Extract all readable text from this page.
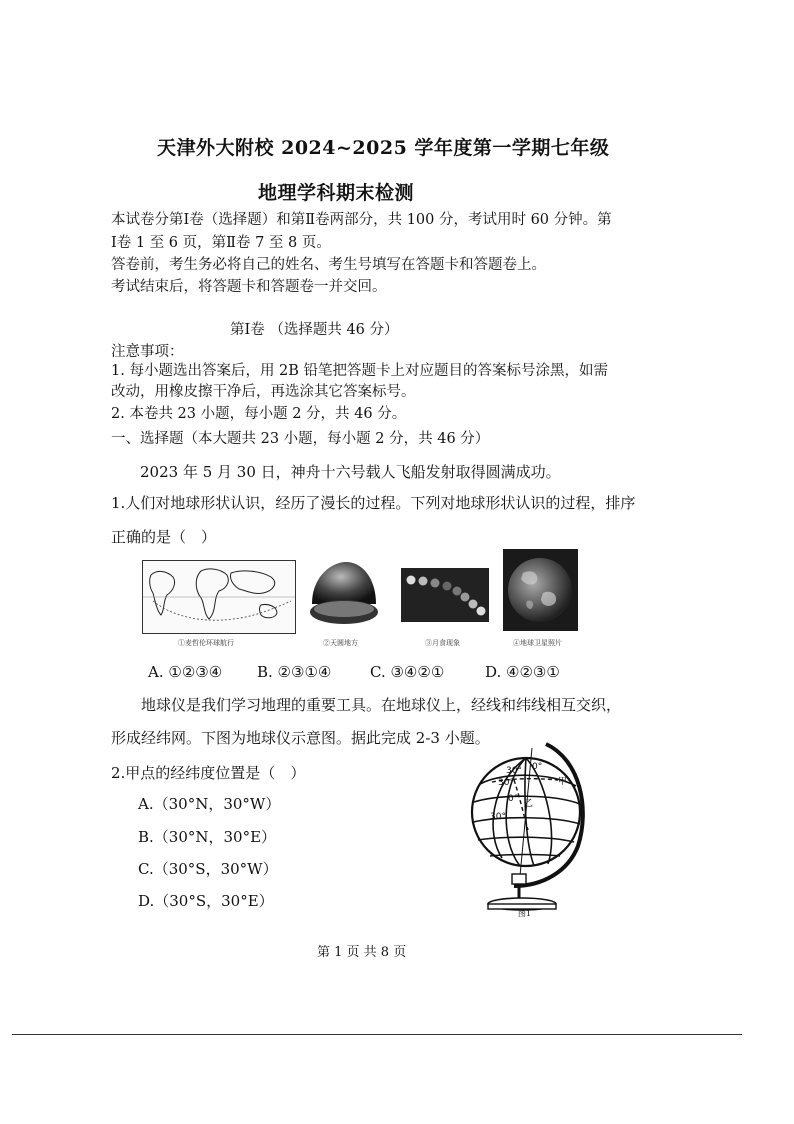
天津外大附校 2024~2025 学年度第一学期七年级
地理学科期末检测
本试卷分第Ⅰ卷（选择题）和第Ⅱ卷两部分，共 100 分，考试用时 60 分钟。第
Ⅰ卷 1 至 6 页，第Ⅱ卷 7 至 8 页。
答卷前，考生务必将自己的姓名、考生号填写在答题卡和答题卷上。
考试结束后，将答题卡和答题卷一并交回。
第Ⅰ卷 （选择题共 46 分）
注意事项：
1. 每小题选出答案后，用 2B 铅笔把答题卡上对应题目的答案标号涂黑，如需
改动，用橡皮擦干净后，再选涂其它答案标号。
2. 本卷共 23 小题，每小题 2 分，共 46 分。
一、选择题（本大题共 23 小题，每小题 2 分，共 46 分）
2023 年 5 月 30 日，神舟十六号载人飞船发射取得圆满成功。
1.人们对地球形状认识，经历了漫长的过程。下列对地球形状认识的过程，排序
正确的是（　）
①麦哲伦环球航行	②天圆地方	③月食现象	④地球卫星照片
A. ①②③④ B. ②③①④	C. ③④②①	D. ④②③①
地球仪是我们学习地理的重要工具。在地球仪上，经线和纬线相互交织，
形成经纬网。下图为地球仪示意图。据此完成 2-3 小题。
2.甲点的经纬度位置是（　）
A.（30°N，30°W）
B.（30°N，30°E）
C.（30°S，30°W）
D.（30°S，30°E）
30° 0°
30°
0°
30°
甲
乙
图1
第 1 页 共 8 页
